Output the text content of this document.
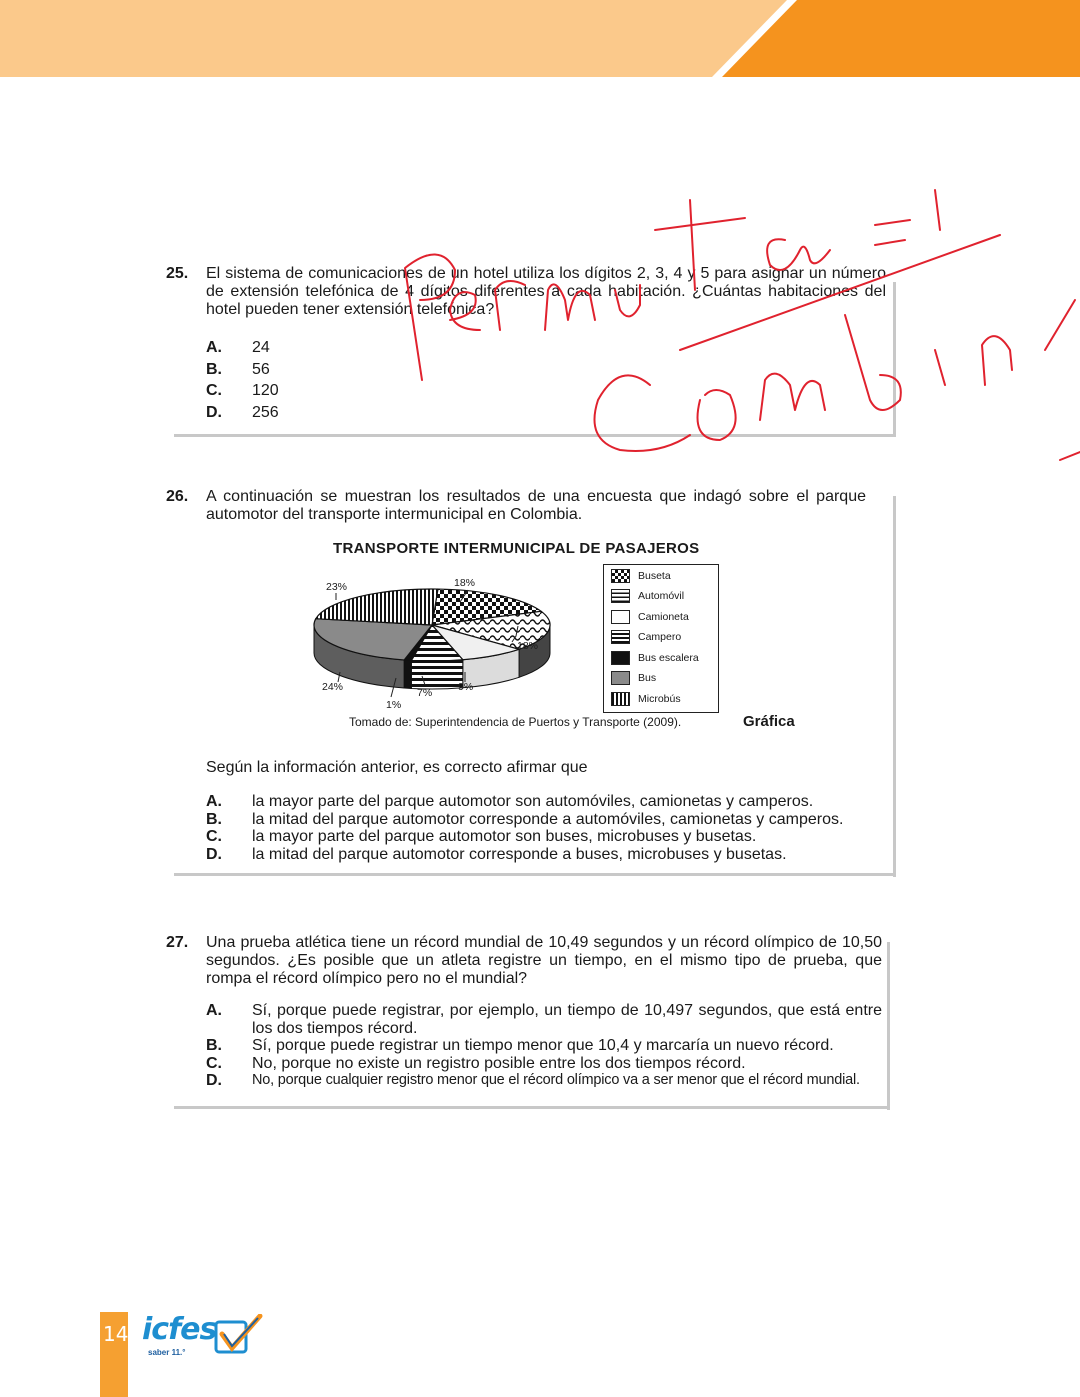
25. El sistema de comunicaciones de un hotel utiliza los dígitos 2, 3, 4 y 5 para asignar un número de extensión telefónica de 4 dígitos diferentes a cada habitación. ¿Cuántas habitaciones del hotel pueden tener extensión telefónica?
A.	24
B.	56
C.	120
D.	256
26. A continuación se muestran los resultados de una encuesta que indagó sobre el parque automotor del transporte intermunicipal en Colombia.
TRANSPORTE INTERMUNICIPAL DE PASAJEROS
23%	18%
18%
9%
7%
1%
24%
Buseta
Automóvil
Camioneta
Campero
Bus escalera
Bus
Microbús
Tomado de: Superintendencia de Puertos y Transporte (2009).	Gráfica
Según la información anterior, es correcto afirmar que
A.	la mayor parte del parque automotor son automóviles, camionetas y camperos.
B.	la mitad del parque automotor corresponde a automóviles, camionetas y camperos.
C.	la mayor parte del parque automotor son buses, microbuses y busetas.
D.	la mitad del parque automotor corresponde a buses, microbuses y busetas.
27. Una prueba atlética tiene un récord mundial de 10,49 segundos y un récord olímpico de 10,50 segundos. ¿Es posible que un atleta registre un tiempo, en el mismo tipo de prueba, que rompa el récord olímpico pero no el mundial?
A.	Sí, porque puede registrar, por ejemplo, un tiempo de 10,497 segundos, que está entre los dos tiempos récord.
B.	Sí, porque puede registrar un tiempo menor que 10,4 y marcaría un nuevo récord.
C.	No, porque no existe un registro posible entre los dos tiempos récord.
D.	No, porque cualquier registro menor que el récord olímpico va a ser menor que el récord mundial.
14 icfes
saber 11.°
